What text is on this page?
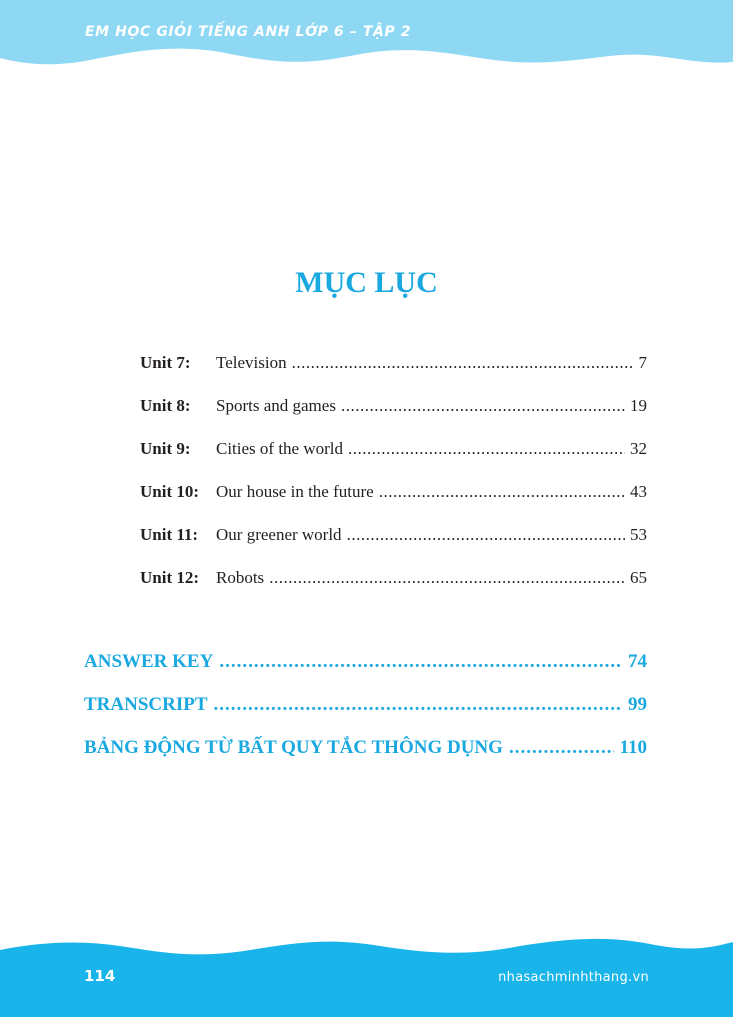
EM HỌC GIỎI TIẾNG ANH LỚP 6 – TẬP 2
MỤC LỤC
Unit 7:	Television .....	7
Unit 8:	Sports and games .....	19
Unit 9:	Cities of the world .....	32
Unit 10: Our house in the future .....	43
Unit 11:	Our greener world .....	53
Unit 12: Robots .....	65
ANSWER KEY .....	74
TRANSCRIPT .....	99
BẢNG ĐỘNG TỪ BẤT QUY TẮC THÔNG DỤNG .....	110
114	nhasachminhthang.vn
